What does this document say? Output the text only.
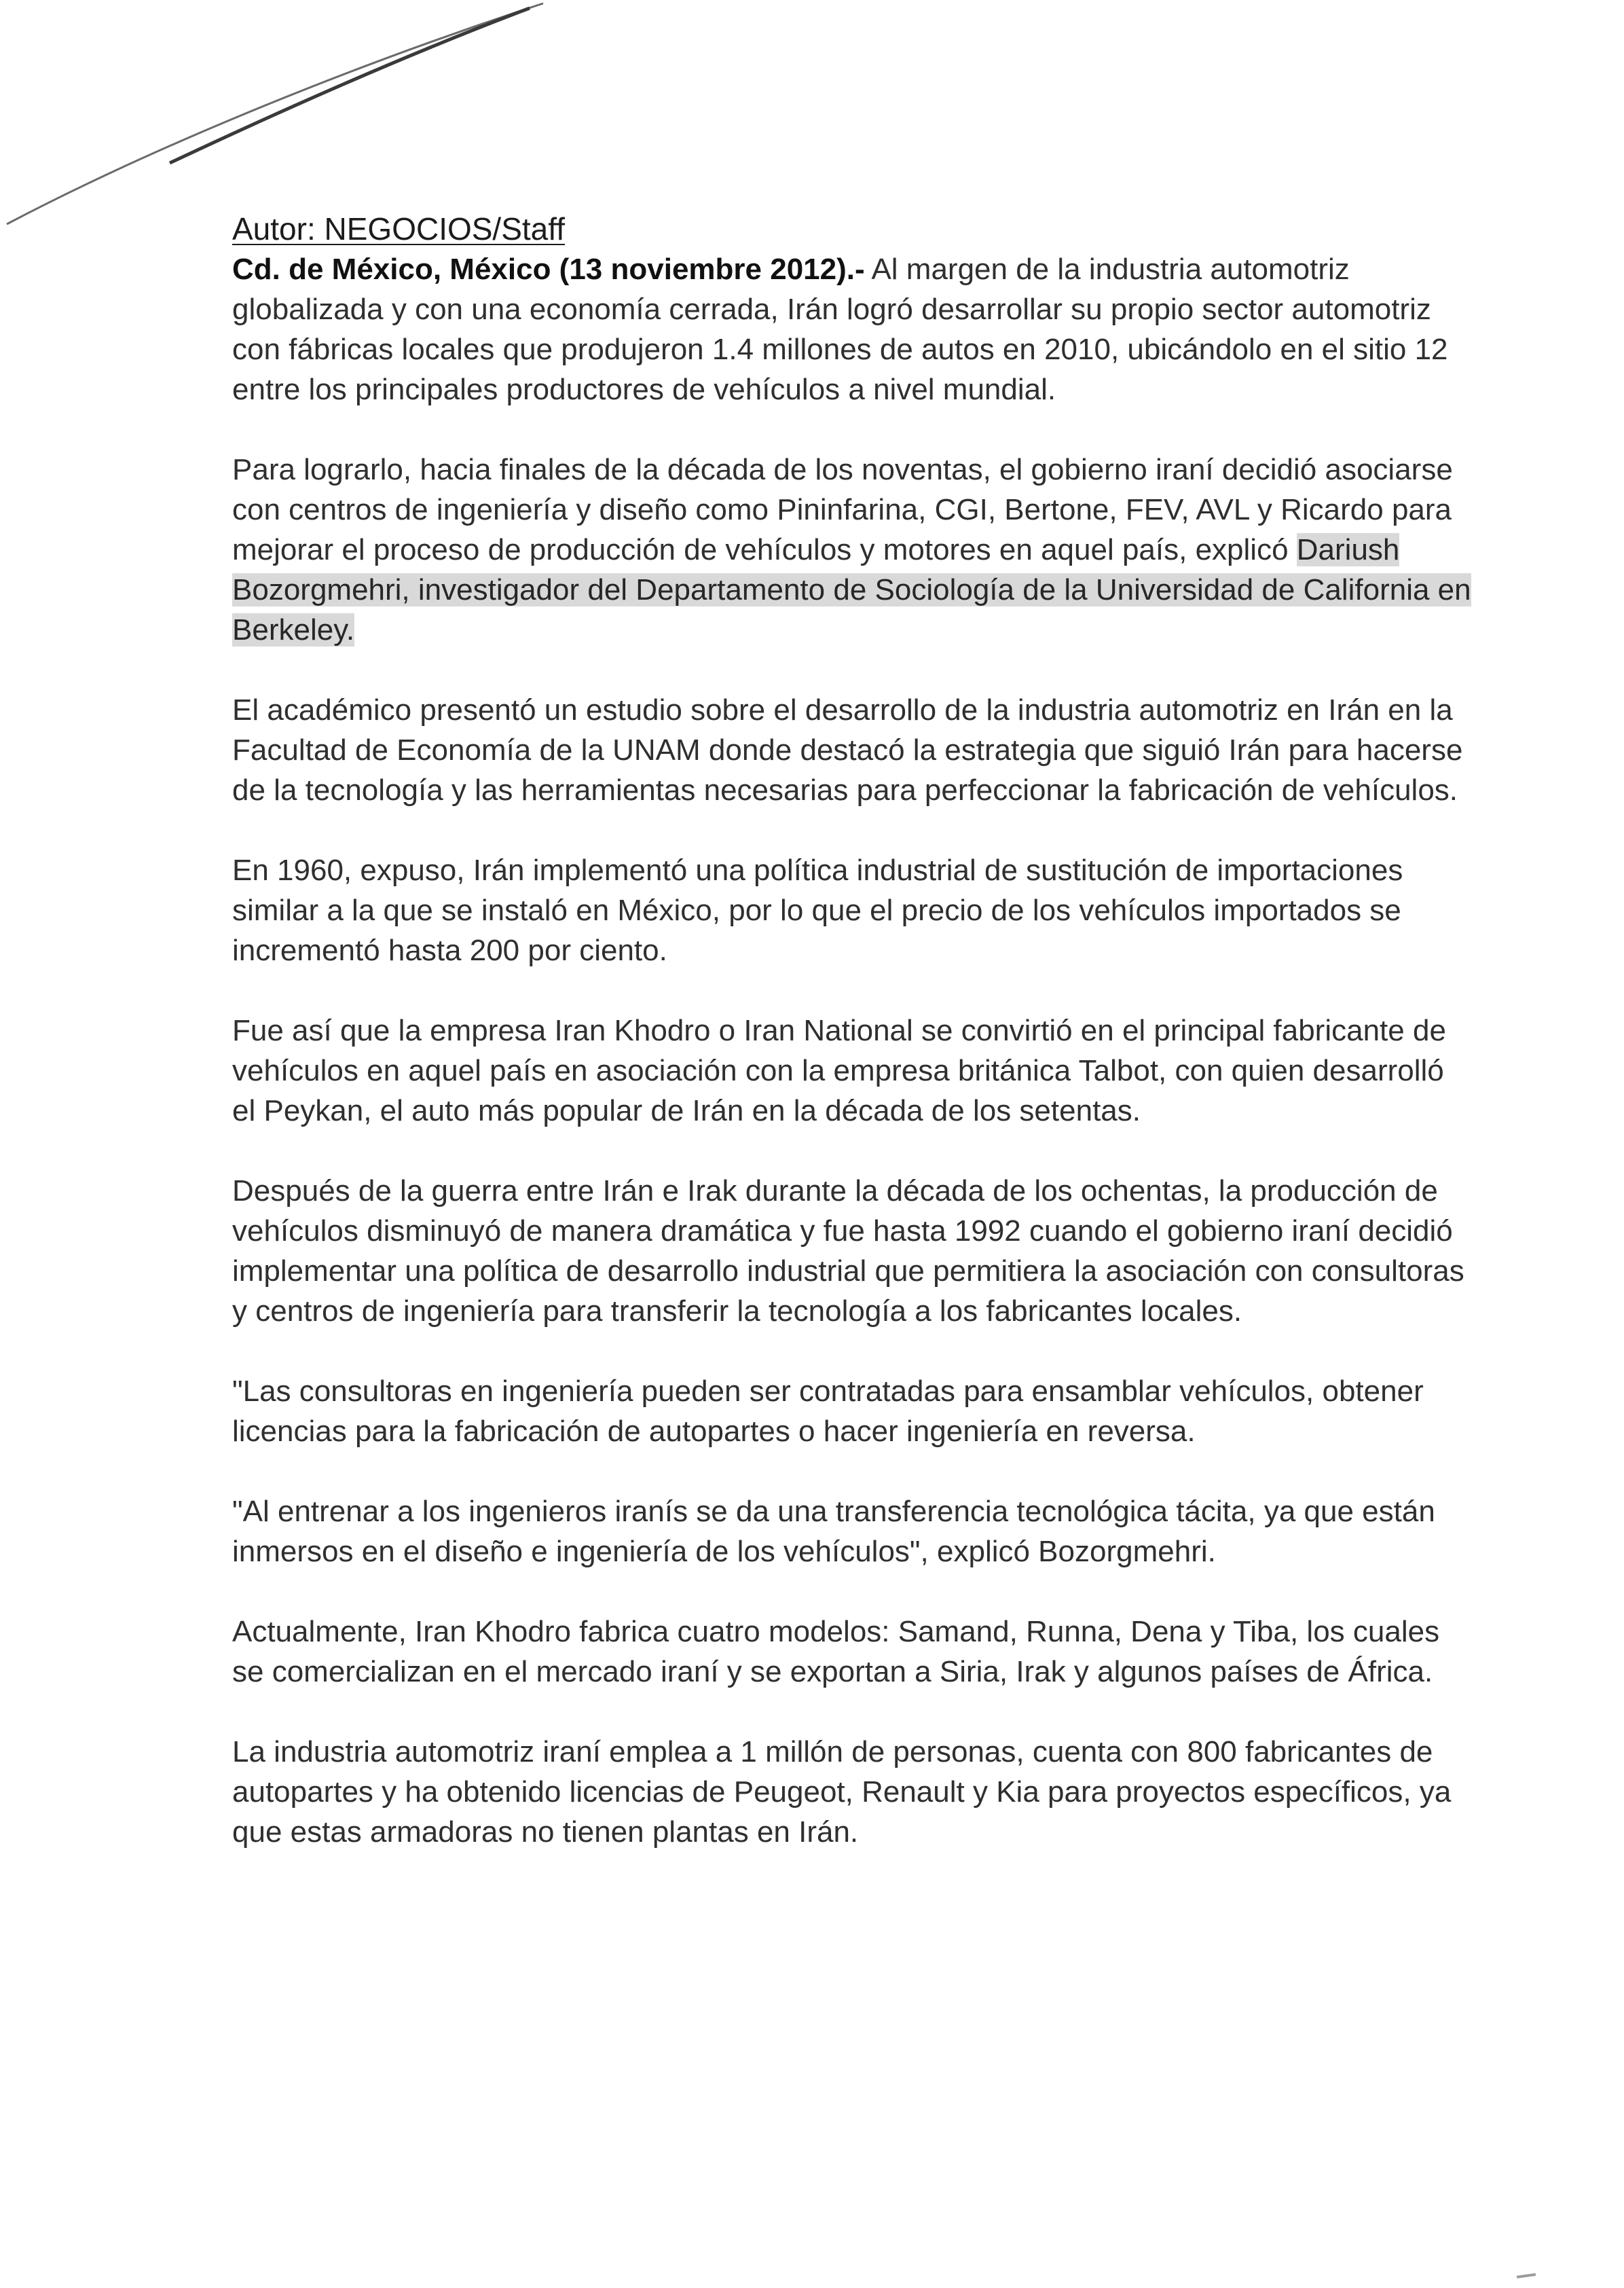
Autor: NEGOCIOS/Staff

Cd. de México, México (13 noviembre 2012).- Al margen de la industria automotriz globalizada y con una economía cerrada, Irán logró desarrollar su propio sector automotriz con fábricas locales que produjeron 1.4 millones de autos en 2010, ubicándolo en el sitio 12 entre los principales productores de vehículos a nivel mundial.

Para lograrlo, hacia finales de la década de los noventas, el gobierno iraní decidió asociarse con centros de ingeniería y diseño como Pininfarina, CGI, Bertone, FEV, AVL y Ricardo para mejorar el proceso de producción de vehículos y motores en aquel país, explicó Dariush Bozorgmehri, investigador del Departamento de Sociología de la Universidad de California en Berkeley.

El académico presentó un estudio sobre el desarrollo de la industria automotriz en Irán en la Facultad de Economía de la UNAM donde destacó la estrategia que siguió Irán para hacerse de la tecnología y las herramientas necesarias para perfeccionar la fabricación de vehículos.

En 1960, expuso, Irán implementó una política industrial de sustitución de importaciones similar a la que se instaló en México, por lo que el precio de los vehículos importados se incrementó hasta 200 por ciento.

Fue así que la empresa Iran Khodro o Iran National se convirtió en el principal fabricante de vehículos en aquel país en asociación con la empresa británica Talbot, con quien desarrolló el Peykan, el auto más popular de Irán en la década de los setentas.

Después de la guerra entre Irán e Irak durante la década de los ochentas, la producción de vehículos disminuyó de manera dramática y fue hasta 1992 cuando el gobierno iraní decidió implementar una política de desarrollo industrial que permitiera la asociación con consultoras y centros de ingeniería para transferir la tecnología a los fabricantes locales.

"Las consultoras en ingeniería pueden ser contratadas para ensamblar vehículos, obtener licencias para la fabricación de autopartes o hacer ingeniería en reversa.

"Al entrenar a los ingenieros iranís se da una transferencia tecnológica tácita, ya que están inmersos en el diseño e ingeniería de los vehículos", explicó Bozorgmehri.

Actualmente, Iran Khodro fabrica cuatro modelos: Samand, Runna, Dena y Tiba, los cuales se comercializan en el mercado iraní y se exportan a Siria, Irak y algunos países de África.

La industria automotriz iraní emplea a 1 millón de personas, cuenta con 800 fabricantes de autopartes y ha obtenido licencias de Peugeot, Renault y Kia para proyectos específicos, ya que estas armadoras no tienen plantas en Irán.
